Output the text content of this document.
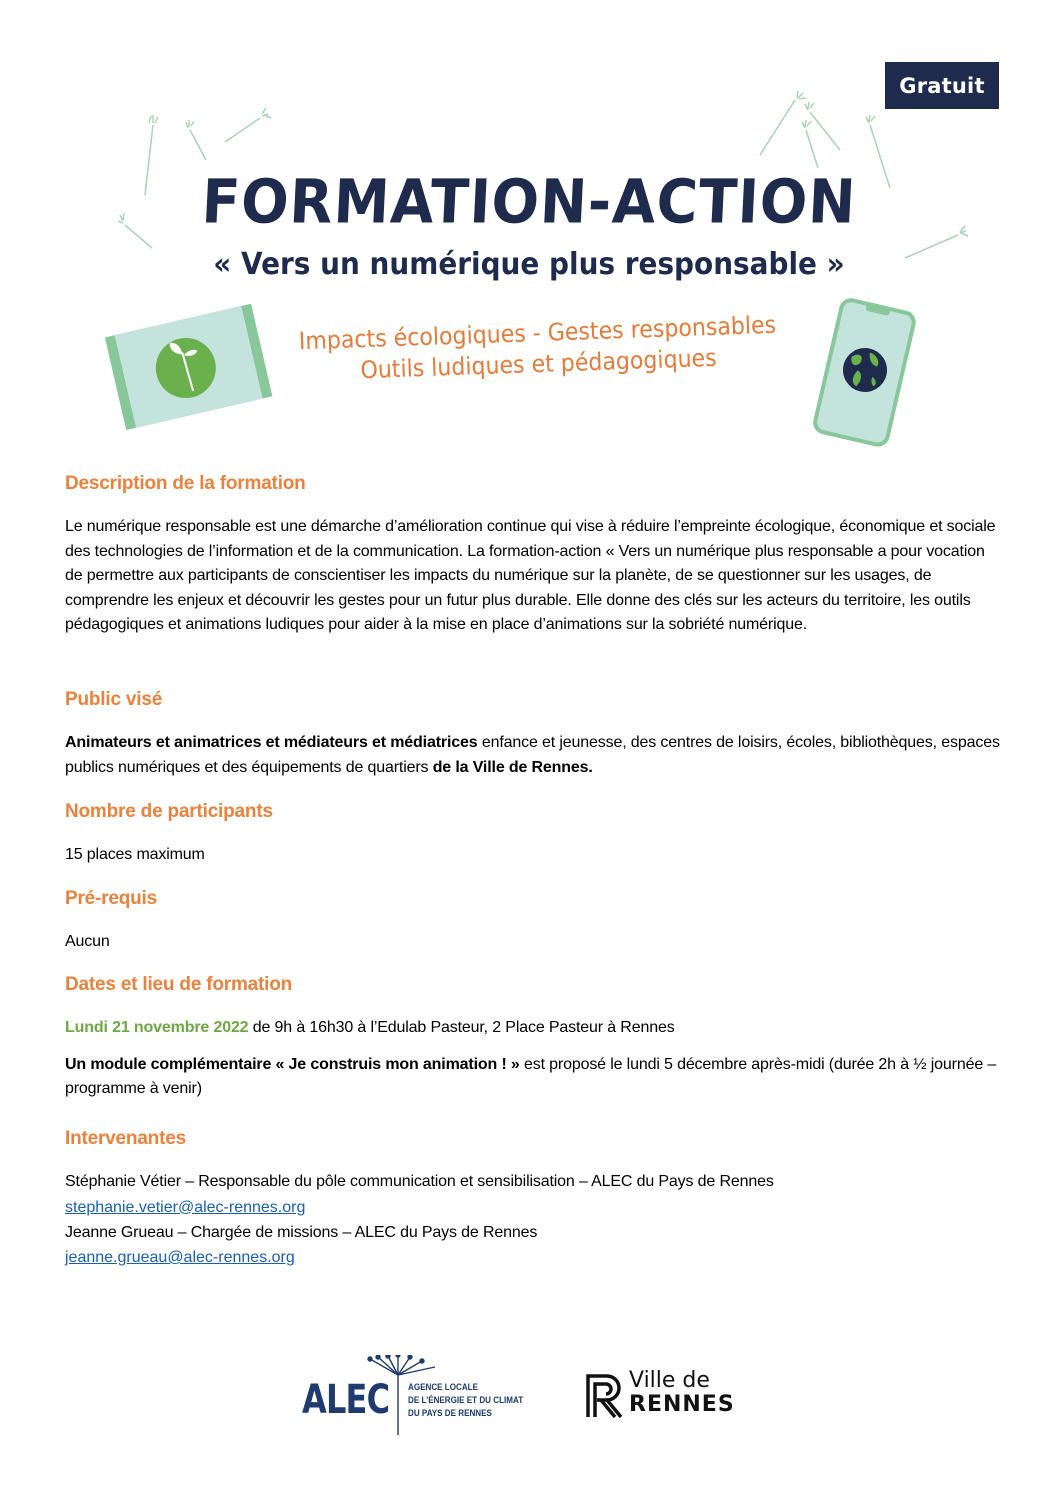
Gratuit
FORMATION-ACTION
« Vers un numérique plus responsable »
Impacts écologiques - Gestes responsables
Outils ludiques et pédagogiques
Description de la formation

Le numérique responsable est une démarche d’amélioration continue qui vise à réduire l’empreinte écologique, économique et sociale des technologies de l’information et de la communication. La formation-action « Vers un numérique plus responsable a pour vocation de permettre aux participants de conscientiser les impacts du numérique sur la planète, de se questionner sur les usages, de comprendre les enjeux et découvrir les gestes pour un futur plus durable. Elle donne des clés sur les acteurs du territoire, les outils pédagogiques et animations ludiques pour aider à la mise en place d’animations sur la sobriété numérique.

Public visé

Animateurs et animatrices et médiateurs et médiatrices enfance et jeunesse, des centres de loisirs, écoles, bibliothèques, espaces publics numériques et des équipements de quartiers de la Ville de Rennes.

Nombre de participants

15 places maximum

Pré-requis

Aucun

Dates et lieu de formation

Lundi 21 novembre 2022 de 9h à 16h30 à l’Edulab Pasteur, 2 Place Pasteur à Rennes

Un module complémentaire « Je construis mon animation ! » est proposé le lundi 5 décembre après-midi (durée 2h à ½ journée – programme à venir)

Intervenantes

Stéphanie Vétier – Responsable du pôle communication et sensibilisation – ALEC du Pays de Rennes

stephanie.vetier@alec-rennes.org

Jeanne Grueau – Chargée de missions – ALEC du Pays de Rennes

jeanne.grueau@alec-rennes.org
ALEC AGENCE LOCALE
DE L’ÉNERGIE ET DU CLIMAT
DU PAYS DE RENNES
Ville de
RENNES
